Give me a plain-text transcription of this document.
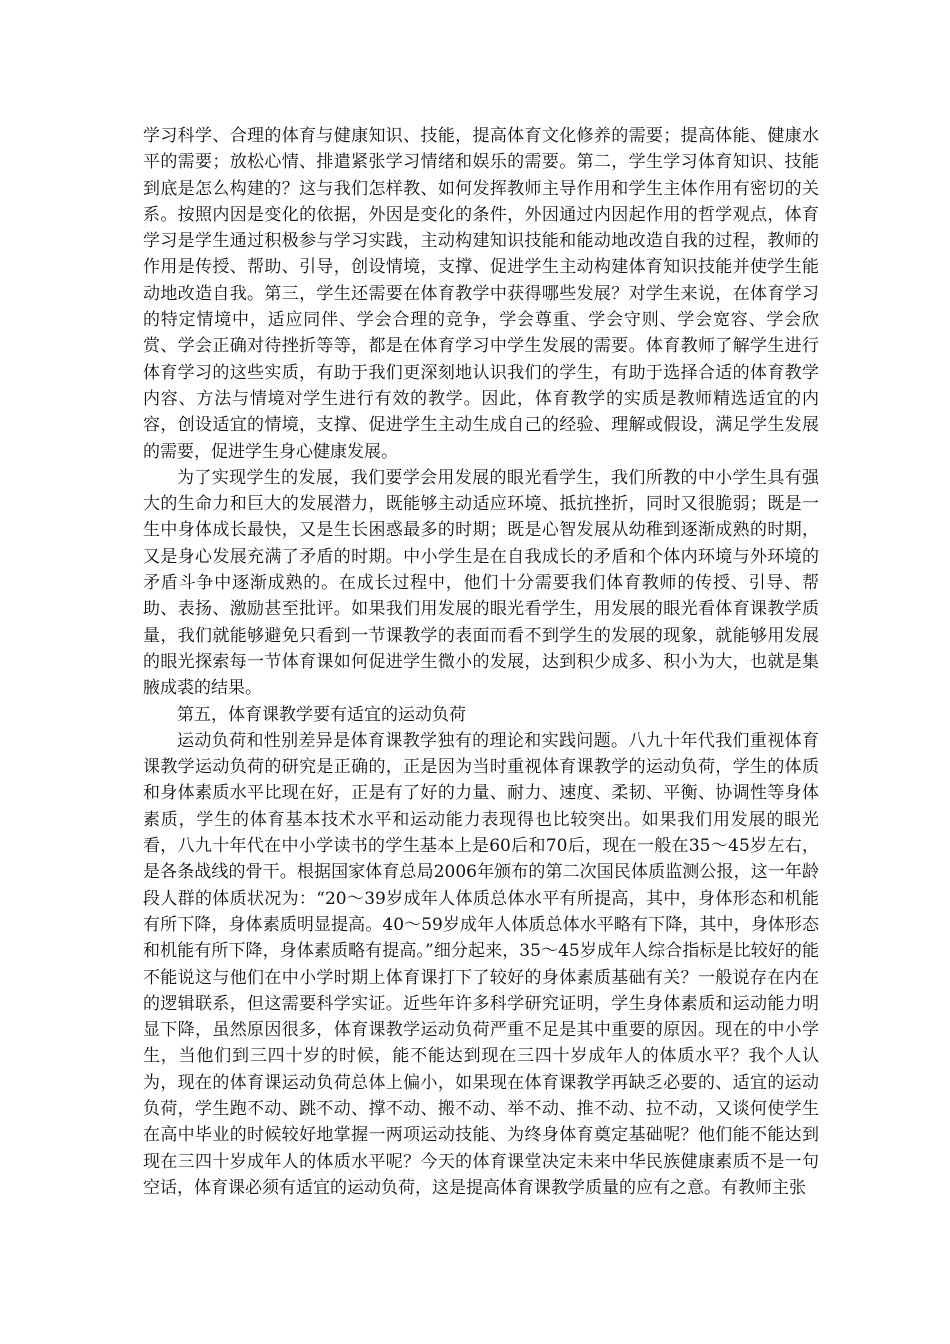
学习科学、合理的体育与健康知识、技能，提高体育文化修养的需要；提高体能、健康水平的需要；放松心情、排遣紧张学习情绪和娱乐的需要。第二，学生学习体育知识、技能到底是怎么构建的？这与我们怎样教、如何发挥教师主导作用和学生主体作用有密切的关系。按照内因是变化的依据，外因是变化的条件，外因通过内因起作用的哲学观点，体育学习是学生通过积极参与学习实践，主动构建知识技能和能动地改造自我的过程，教师的作用是传授、帮助、引导，创设情境，支撑、促进学生主动构建体育知识技能并使学生能动地改造自我。第三，学生还需要在体育教学中获得哪些发展？对学生来说，在体育学习的特定情境中，适应同伴、学会合理的竞争，学会尊重、学会守则、学会宽容、学会欣赏、学会正确对待挫折等等，都是在体育学习中学生发展的需要。体育教师了解学生进行体育学习的这些实质，有助于我们更深刻地认识我们的学生，有助于选择合适的体育教学内容、方法与情境对学生进行有效的教学。因此，体育教学的实质是教师精选适宜的内容，创设适宜的情境，支撑、促进学生主动生成自己的经验、理解或假设，满足学生发展的需要，促进学生身心健康发展。

为了实现学生的发展，我们要学会用发展的眼光看学生，我们所教的中小学生具有强大的生命力和巨大的发展潜力，既能够主动适应环境、抵抗挫折，同时又很脆弱；既是一生中身体成长最快，又是生长困惑最多的时期；既是心智发展从幼稚到逐渐成熟的时期，又是身心发展充满了矛盾的时期。中小学生是在自我成长的矛盾和个体内环境与外环境的矛盾斗争中逐渐成熟的。在成长过程中，他们十分需要我们体育教师的传授、引导、帮助、表扬、激励甚至批评。如果我们用发展的眼光看学生，用发展的眼光看体育课教学质量，我们就能够避免只看到一节课教学的表面而看不到学生的发展的现象，就能够用发展的眼光探索每一节体育课如何促进学生微小的发展，达到积少成多、积小为大，也就是集腋成裘的结果。

第五，体育课教学要有适宜的运动负荷

运动负荷和性别差异是体育课教学独有的理论和实践问题。八九十年代我们重视体育课教学运动负荷的研究是正确的，正是因为当时重视体育课教学的运动负荷，学生的体质和身体素质水平比现在好，正是有了好的力量、耐力、速度、柔韧、平衡、协调性等身体素质，学生的体育基本技术水平和运动能力表现得也比较突出。如果我们用发展的眼光看，八九十年代在中小学读书的学生基本上是60后和70后，现在一般在35～45岁左右，是各条战线的骨干。根据国家体育总局2006年颁布的第二次国民体质监测公报，这一年龄段人群的体质状况为：“20～39岁成年人体质总体水平有所提高，其中，身体形态和机能有所下降，身体素质明显提高。40～59岁成年人体质总体水平略有下降，其中，身体形态和机能有所下降，身体素质略有提高。”细分起来，35～45岁成年人综合指标是比较好的能不能说这与他们在中小学时期上体育课打下了较好的身体素质基础有关？一般说存在内在的逻辑联系，但这需要科学实证。近些年许多科学研究证明，学生身体素质和运动能力明显下降，虽然原因很多，体育课教学运动负荷严重不足是其中重要的原因。现在的中小学生，当他们到三四十岁的时候，能不能达到现在三四十岁成年人的体质水平？我个人认为，现在的体育课运动负荷总体上偏小，如果现在体育课教学再缺乏必要的、适宜的运动负荷，学生跑不动、跳不动、撑不动、搬不动、举不动、推不动、拉不动，又谈何使学生在高中毕业的时候较好地掌握一两项运动技能、为终身体育奠定基础呢？他们能不能达到现在三四十岁成年人的体质水平呢？今天的体育课堂决定未来中华民族健康素质不是一句空话，体育课必须有适宜的运动负荷，这是提高体育课教学质量的应有之意。有教师主张
